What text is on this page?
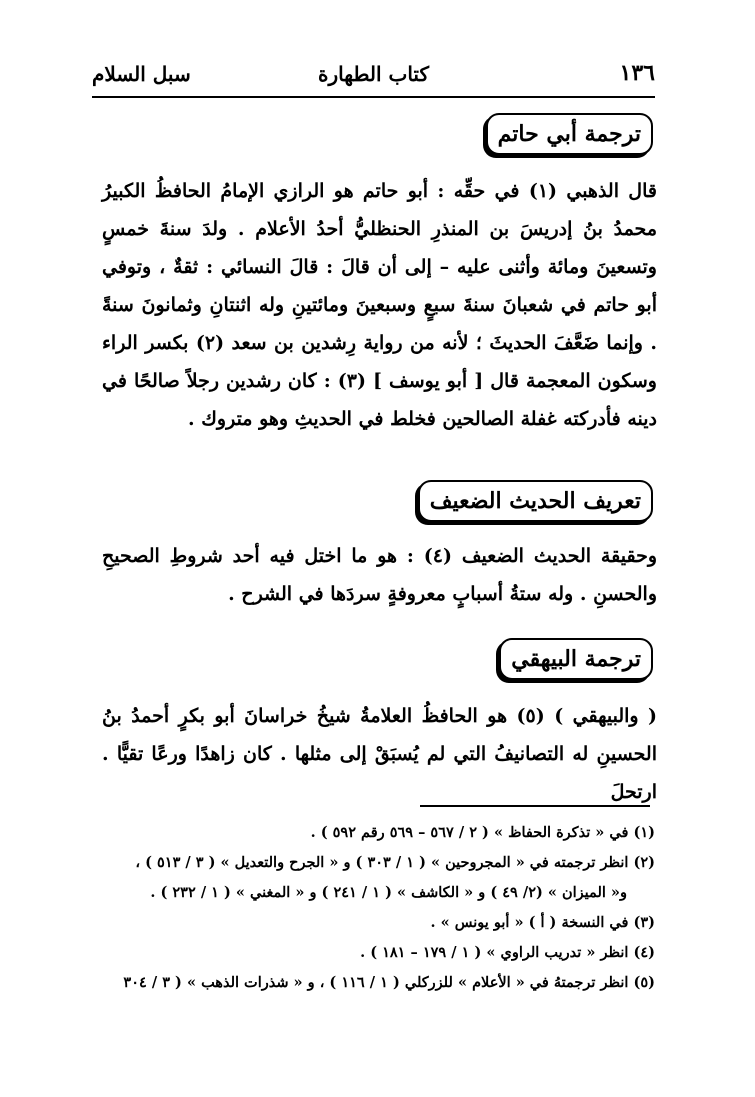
١٣٦
كتاب الطهارة
سبل السلام
ترجمة أبي حاتم

قال الذهبي (١) في حقِّه : أبو حاتم هو الرازي الإمامُ الحافظُ الكبيرُ محمدُ بنُ إدريسَ بن المنذرِ الحنظليُّ أحدُ الأعلام . ولدَ سنةَ خمسٍ وتسعينَ ومائة وأثنى عليه – إلى أن قالَ : قالَ النسائي : ثقةٌ ، وتوفي أبو حاتم في شعبانَ سنةَ سبعٍ وسبعينَ ومائتينِ وله اثنتانِ وثمانونَ سنةً . وإنما ضَعَّفَ الحديثَ ؛ لأنه من رواية رِشدين بن سعد (٢) بكسر الراء وسكون المعجمة قال [ أبو يوسف ] (٣) : كان رشدين رجلاً صالحًا في دينه فأدركته غفلة الصالحين فخلط في الحديثِ وهو متروك .

تعريف الحديث الضعيف

وحقيقة الحديث الضعيف (٤) : هو ما اختل فيه أحد شروطِ الصحيحِ والحسنِ . وله ستةُ أسبابٍ معروفةٍ سردَها في الشرح .

ترجمة البيهقي

( والبيهقي ) (٥) هو الحافظُ العلامةُ شيخُ خراسانَ أبو بكرٍ أحمدُ بنُ الحسينِ له التصانيفُ التي لم يُسبَقْ إلى مثلها . كان زاهدًا ورعًا تقيًّا . ارتحلَ

(١) في « تذكرة الحفاظ » ( ٢ / ٥٦٧ – ٥٦٩ رقم ٥٩٢ ) .

(٢) انظر ترجمته في « المجروحين » ( ١ / ٣٠٣ ) و « الجرح والتعديل » ( ٣ / ٥١٣ ) ،

و« الميزان » (٢/ ٤٩ ) و « الكاشف » ( ١ / ٢٤١ ) و « المغني » ( ١ / ٢٣٢ ) .

(٣) في النسخة ( أ ) « أبو يونس » .

(٤) انظر « تدريب الراوي » ( ١ / ١٧٩ – ١٨١ ) .

(٥) انظر ترجمتهُ في « الأعلام » للزركلي ( ١ / ١١٦ ) ، و « شذرات الذهب » ( ٣ / ٣٠٤
